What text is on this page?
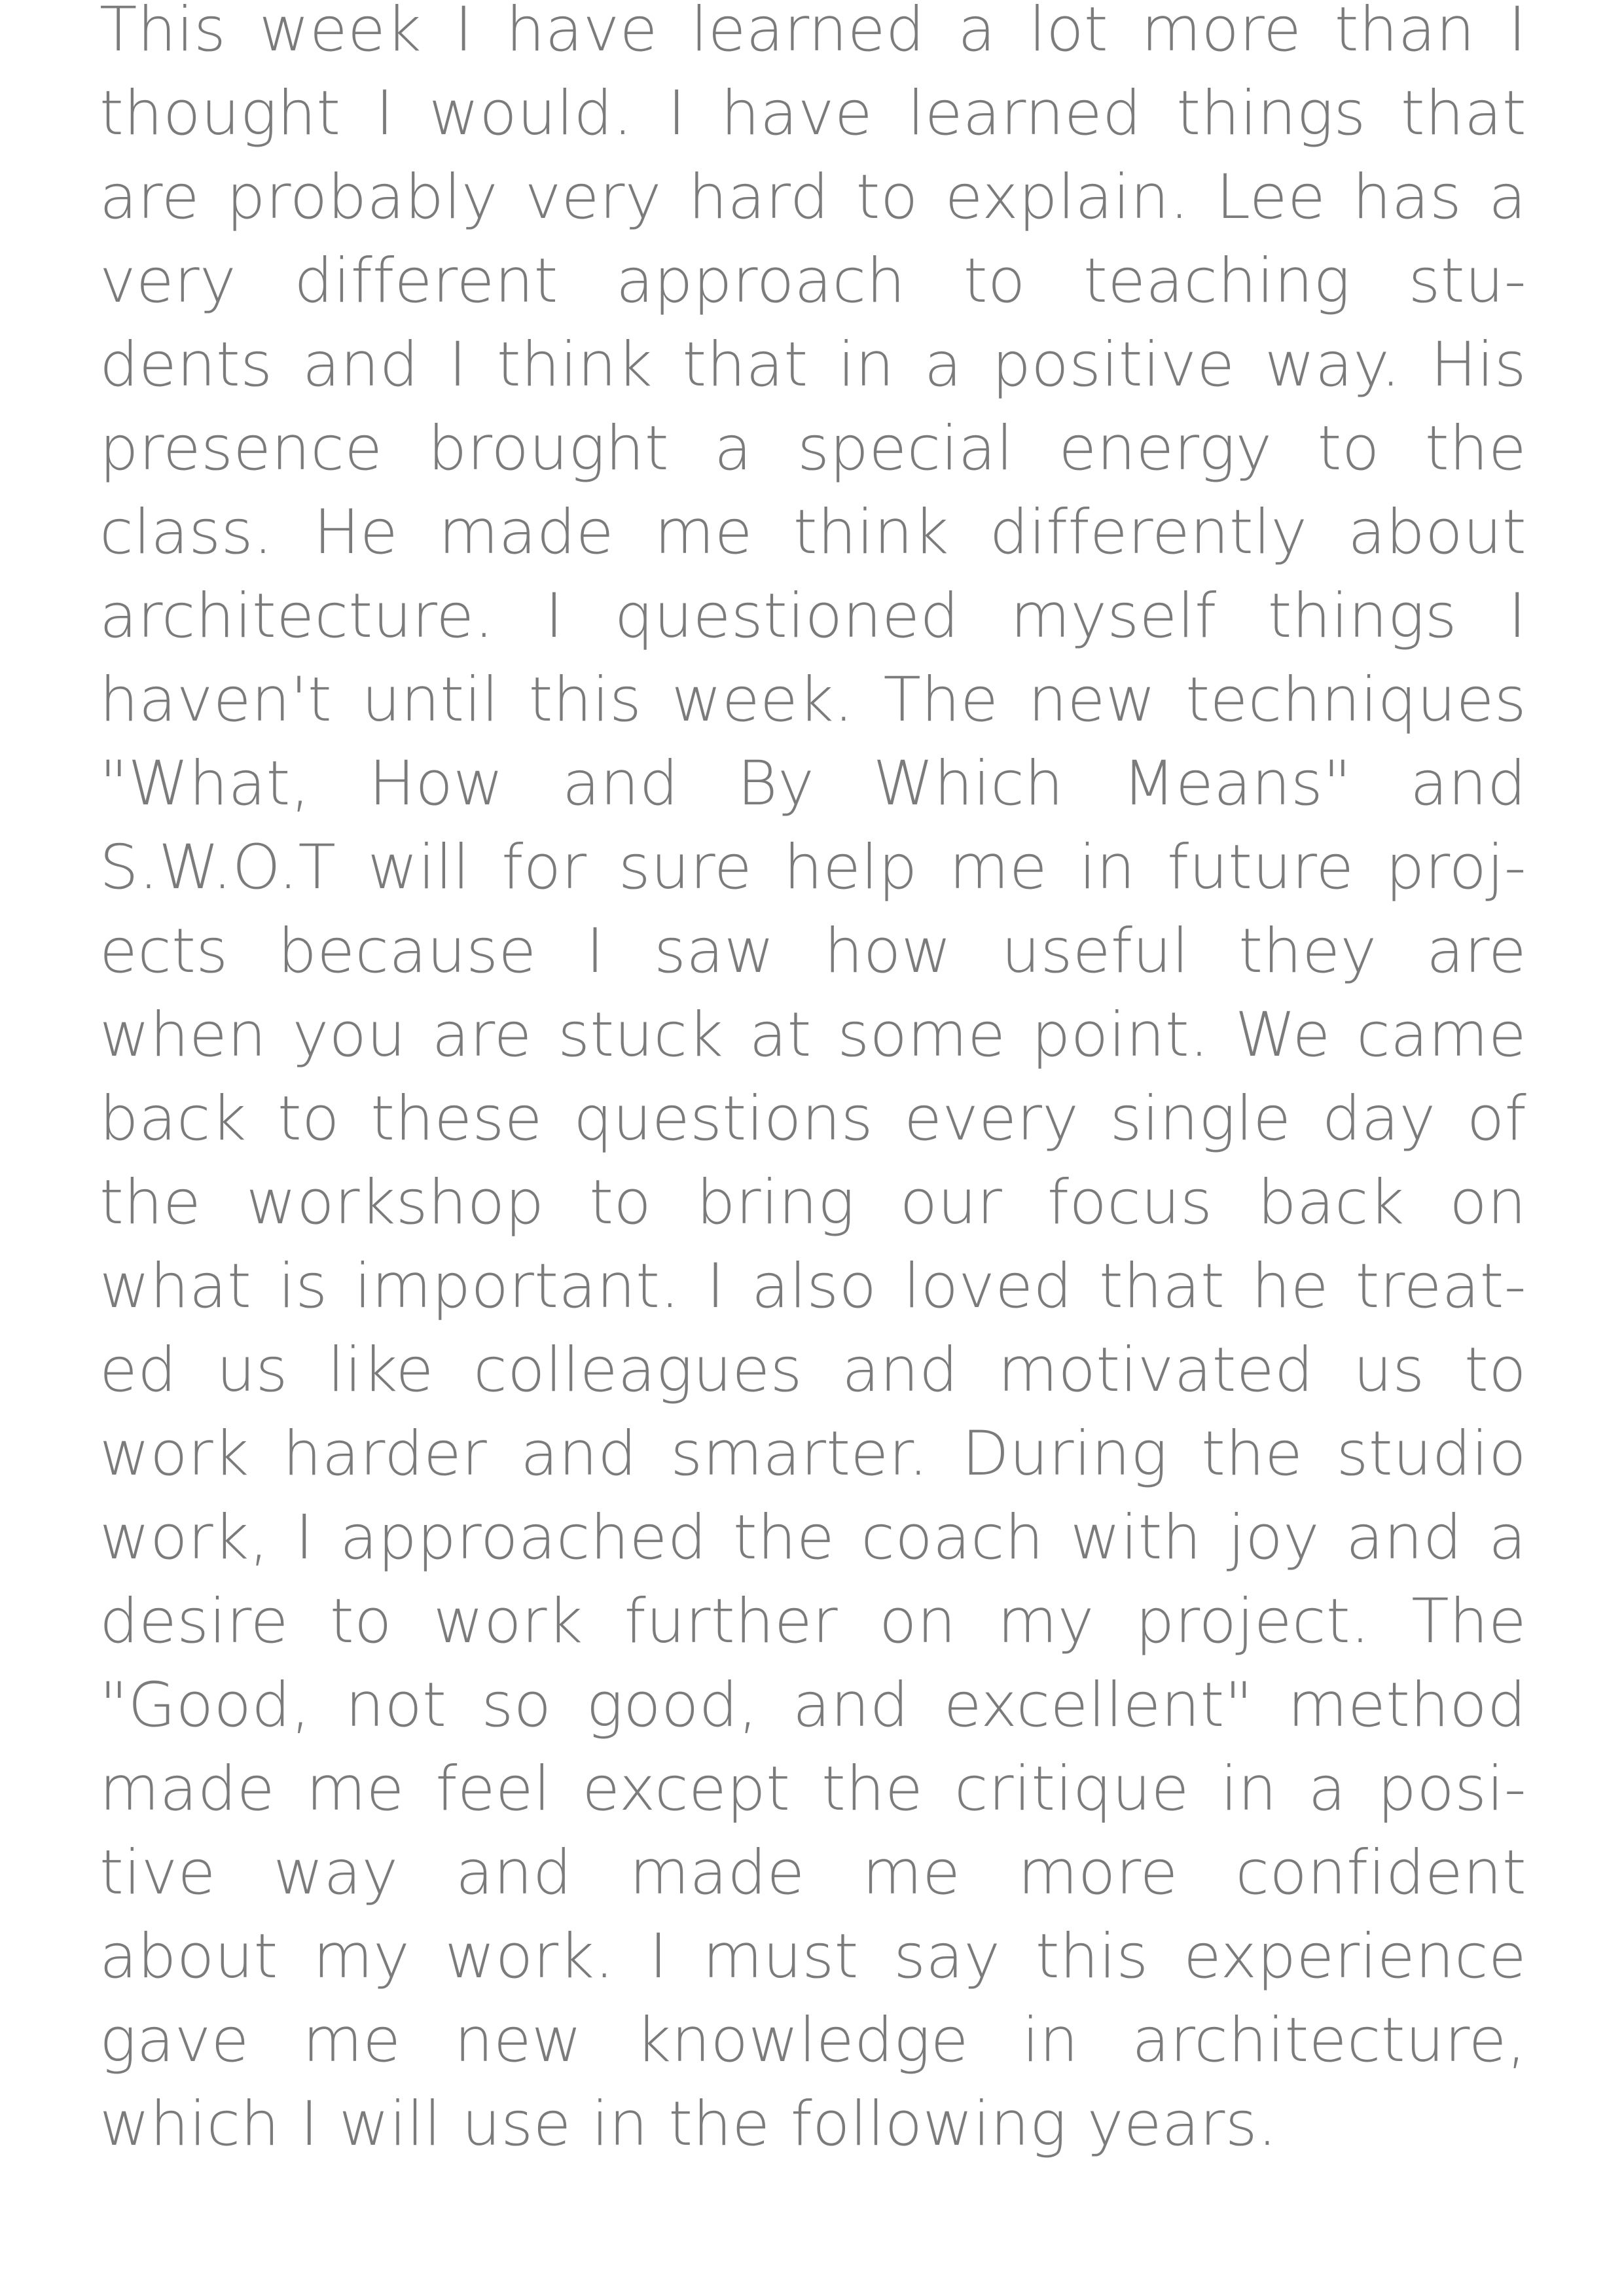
This week I have learned a lot more than I
thought I would. I have learned things that
are probably very hard to explain. Lee has a
very different approach to teaching stu-
dents and I think that in a positive way. His
presence brought a special energy to the
class. He made me think differently about
architecture. I questioned myself things I
haven't until this week. The new techniques
"What, How and By Which Means" and
S.W.O.T will for sure help me in future proj-
ects because I saw how useful they are
when you are stuck at some point. We came
back to these questions every single day of
the workshop to bring our focus back on
what is important. I also loved that he treat-
ed us like colleagues and motivated us to
work harder and smarter. During the studio
work, I approached the coach with joy and a
desire to work further on my project. The
"Good, not so good, and excellent" method
made me feel except the critique in a posi-
tive way and made me more confident
about my work. I must say this experience
gave me new knowledge in architecture,
which I will use in the following years.
